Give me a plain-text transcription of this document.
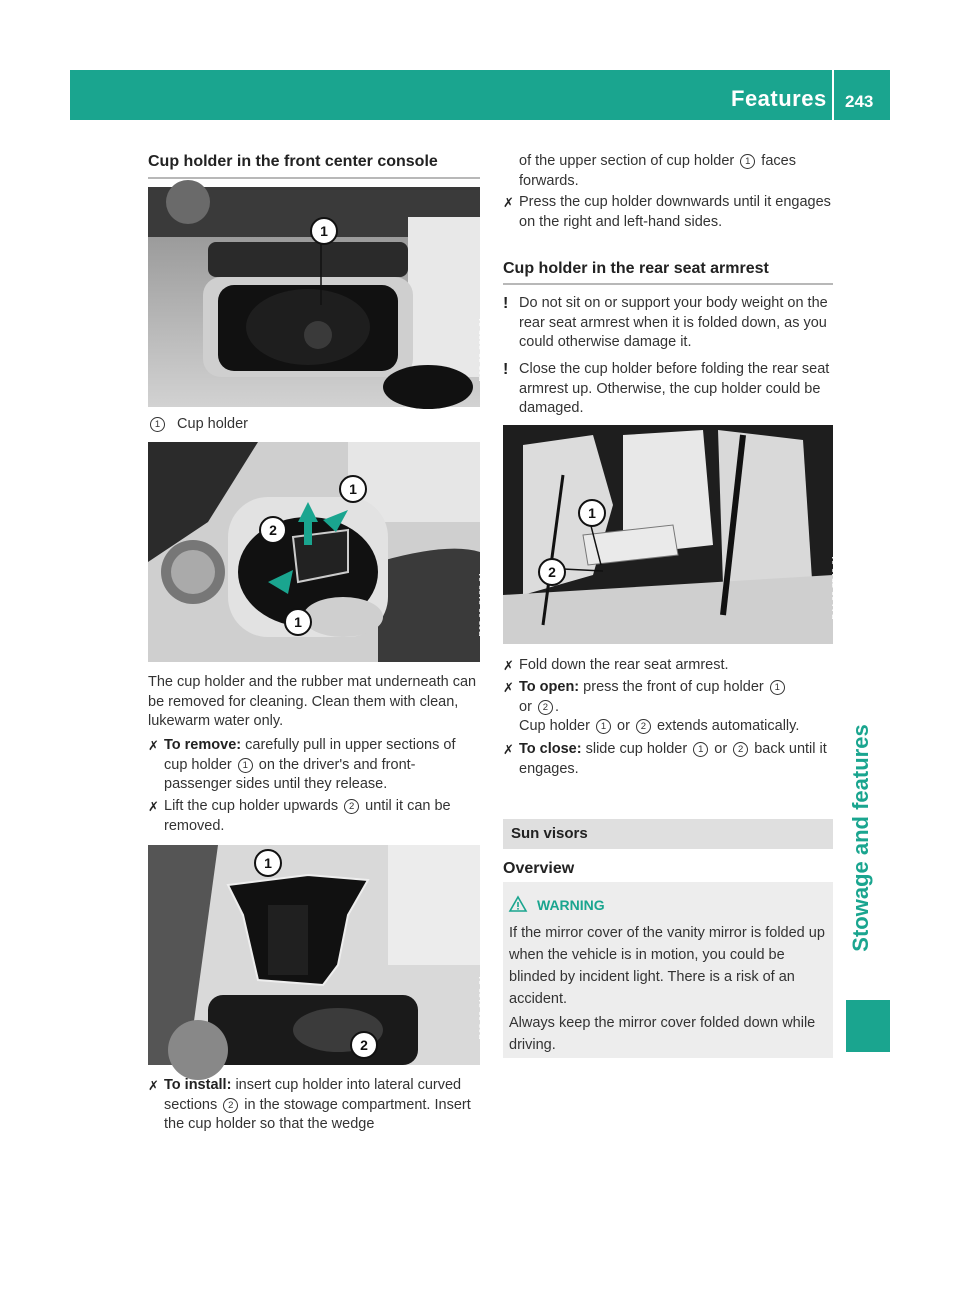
Features 243
Stowage and features
Cup holder in the front center console
1
P68.00-8235-31
1 Cup holder
1
2
1	P68.00-8188-31

The cup holder and the rubber mat underneath can be removed for cleaning. Clean them with clean, lukewarm water only.

✗ To remove: carefully pull in upper sections of cup holder 1 on the driver's and front-passenger sides until they release.
✗ Lift the cup holder upwards 2 until it can be removed.
1
2
P68.00-8189-31
✗ To install: insert cup holder into lateral curved sections 2 in the stowage compartment. Insert the cup holder so that the wedge
of the upper section of cup holder 1 faces forwards.
✗ Press the cup holder downwards until it engages on the right and left-hand sides.
Cup holder in the rear seat armrest
! Do not sit on or support your body weight on the rear seat armrest when it is folded down, as you could otherwise damage it.
! Close the cup holder before folding the rear seat armrest up. Otherwise, the cup holder could be damaged.
1
2	P44.00-7540-31
✗ Fold down the rear seat armrest.
✗ To open: press the front of cup holder 1
or 2 .
Cup holder 1 or 2 extends automatically.
✗ To close: slide cup holder 1 or 2 back until it engages.
Sun visors
Overview
WARNING

If the mirror cover of the vanity mirror is folded up when the vehicle is in motion, you could be blinded by incident light. There is a risk of an accident.

Always keep the mirror cover folded down while driving.
